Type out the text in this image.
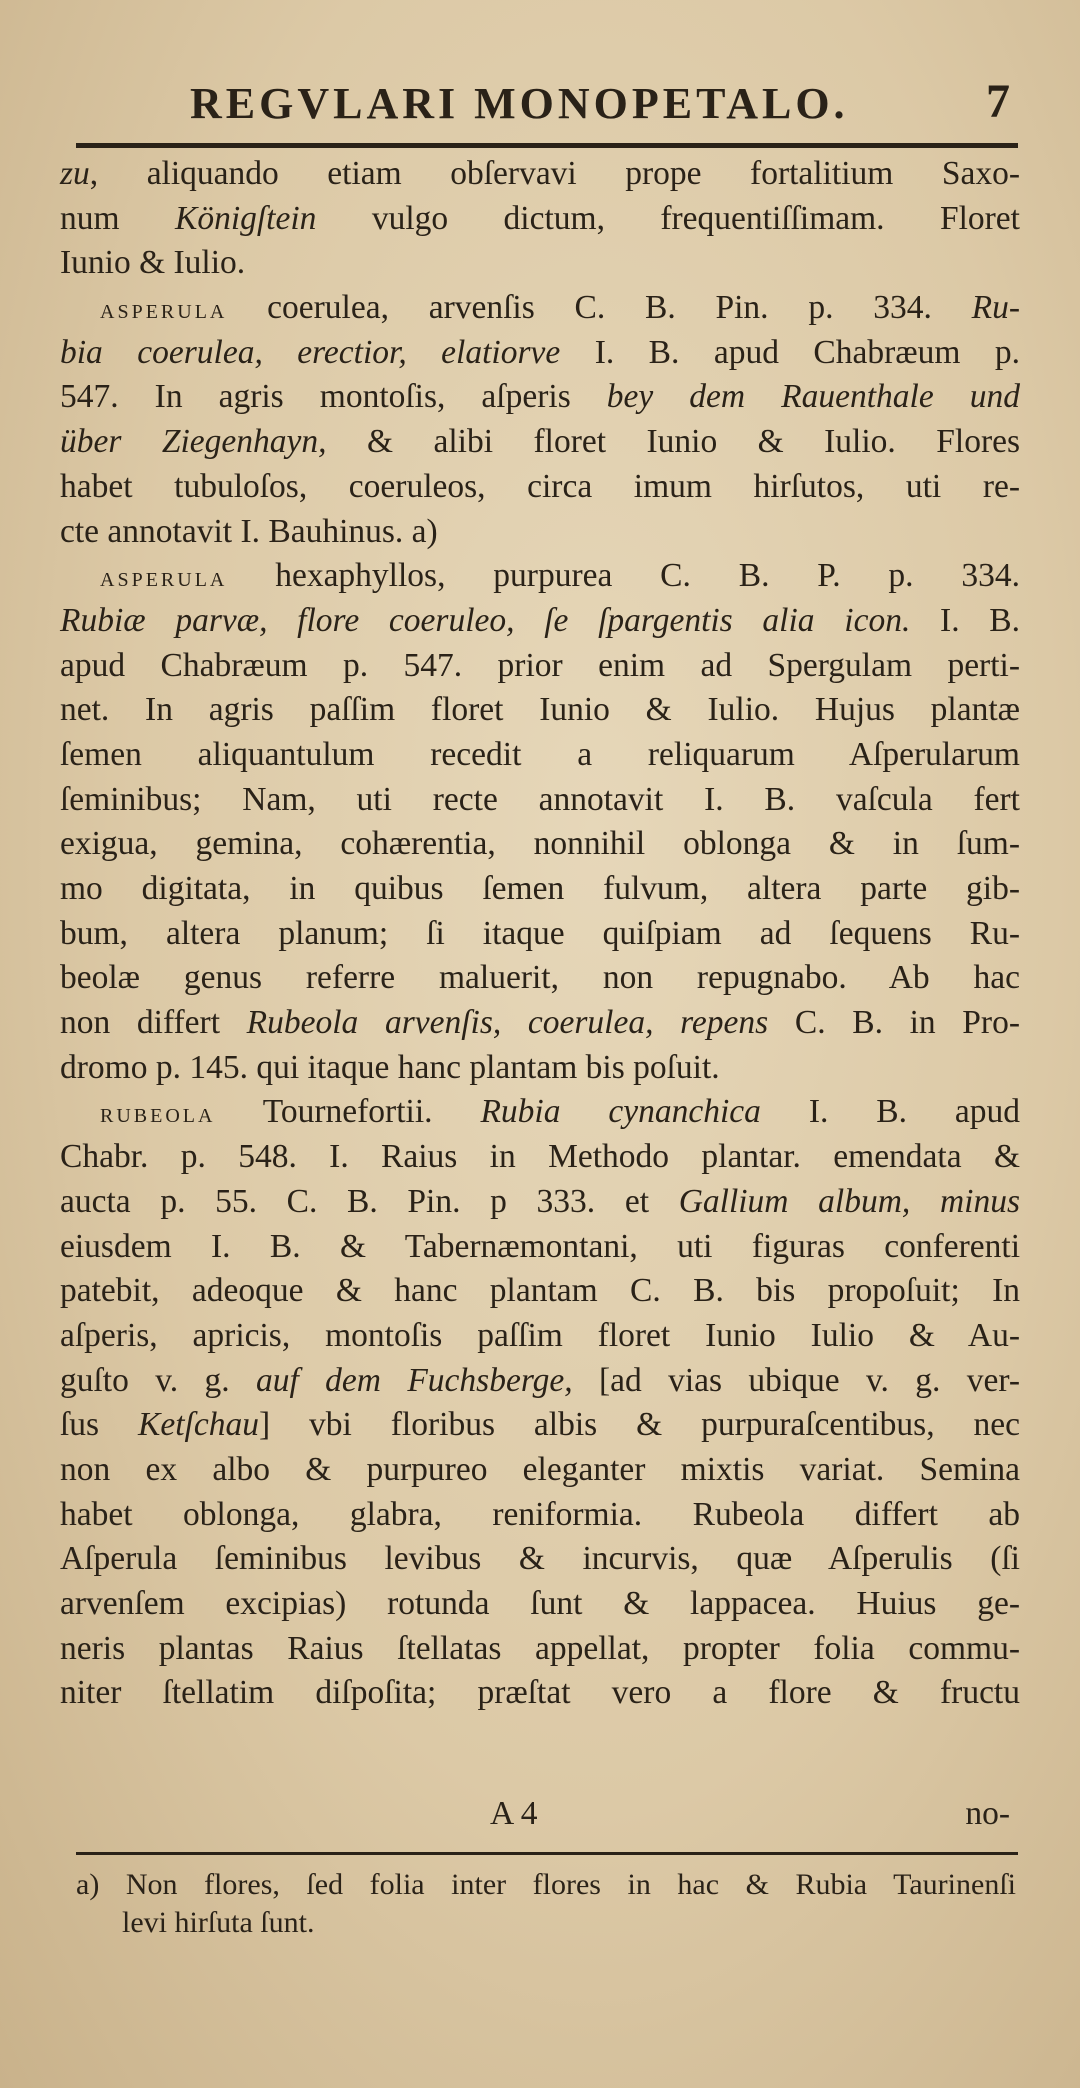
REGVLARI MONOPETALO.	7
zu, aliquando etiam obſervavi prope fortalitium Saxo-
num Königſtein vulgo dictum, frequentiſſimam. Floret
Iunio & Iulio.
asperula coerulea, arvenſis C. B. Pin. p. 334. Ru-
bia coerulea, erectior, elatiorve I. B. apud Chabræum p.
547. In agris montoſis, aſperis bey dem Rauenthale und
über Ziegenhayn, & alibi floret Iunio & Iulio. Flores
habet tubuloſos, coeruleos, circa imum hirſutos, uti re-
cte annotavit I. Bauhinus. a)
asperula hexaphyllos, purpurea C. B. P. p. 334.
Rubiæ parvæ, flore coeruleo, ſe ſpargentis alia icon. I. B.
apud Chabræum p. 547. prior enim ad Spergulam perti-
net. In agris paſſim floret Iunio & Iulio. Hujus plantæ
ſemen aliquantulum recedit a reliquarum Aſperularum
ſeminibus; Nam, uti recte annotavit I. B. vaſcula fert
exigua, gemina, cohærentia, nonnihil oblonga & in ſum-
mo digitata, in quibus ſemen fulvum, altera parte gib-
bum, altera planum; ſi itaque quiſpiam ad ſequens Ru-
beolæ genus referre maluerit, non repugnabo. Ab hac
non differt Rubeola arvenſis, coerulea, repens C. B. in Pro-
dromo p. 145. qui itaque hanc plantam bis poſuit.
rubeola Tournefortii. Rubia cynanchica I. B. apud
Chabr. p. 548. I. Raius in Methodo plantar. emendata &
aucta p. 55. C. B. Pin. p 333. et Gallium album, minus
eiusdem I. B. & Tabernæmontani, uti figuras conferenti
patebit, adeoque & hanc plantam C. B. bis propoſuit; In
aſperis, apricis, montoſis paſſim floret Iunio Iulio & Au-
guſto v. g. auf dem Fuchsberge, [ad vias ubique v. g. ver-
ſus Ketſchau] vbi floribus albis & purpuraſcentibus, nec
non ex albo & purpureo eleganter mixtis variat. Semina
habet oblonga, glabra, reniformia. Rubeola differt ab
Aſperula ſeminibus levibus & incurvis, quæ Aſperulis (ſi
arvenſem excipias) rotunda ſunt & lappacea. Huius ge-
neris plantas Raius ſtellatas appellat, propter folia commu-
niter ſtellatim diſpoſita; præſtat vero a flore & fructu
A 4	no-
a) Non flores, ſed folia inter flores in hac & Rubia Taurinenſi
levi hirſuta ſunt.
